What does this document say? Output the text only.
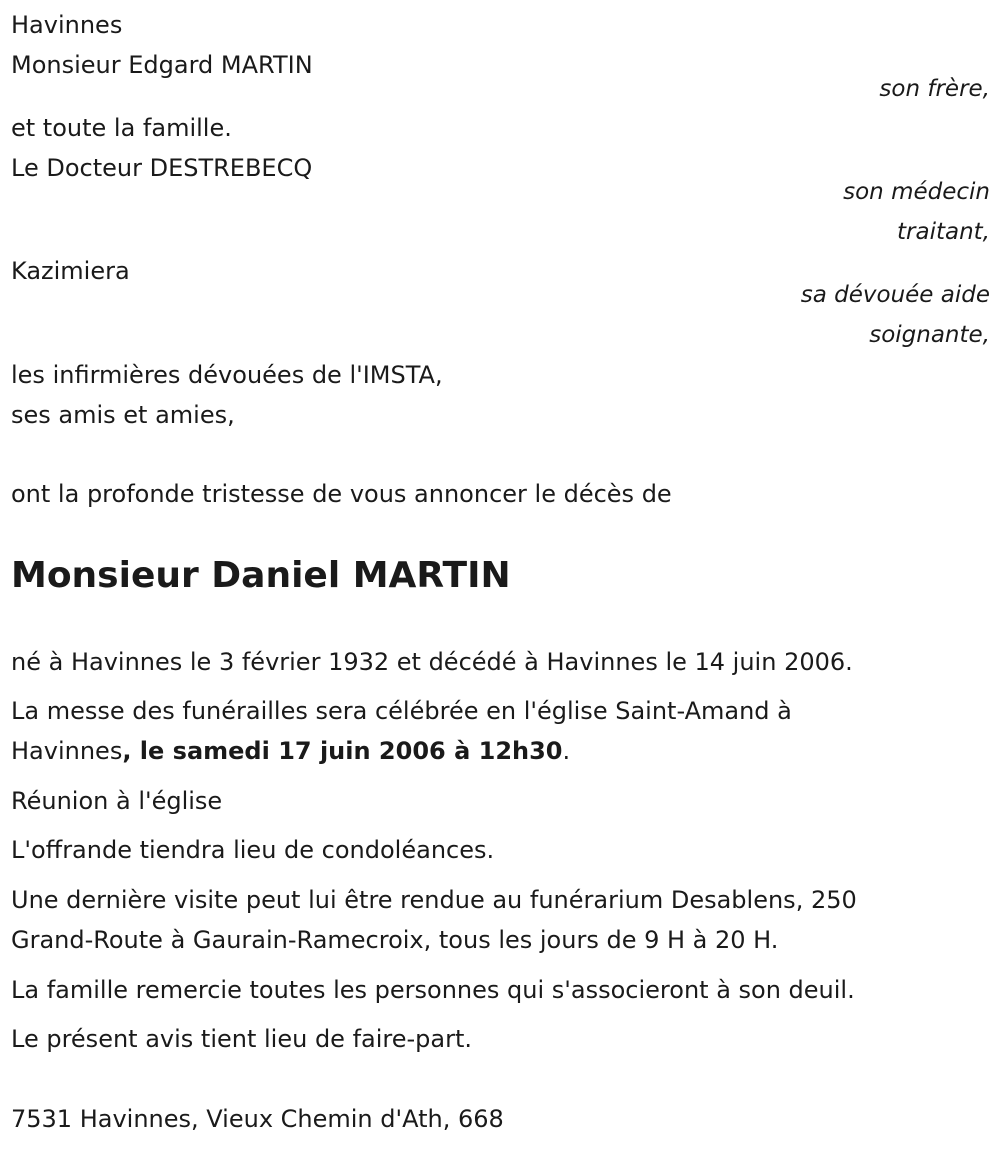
Havinnes
Monsieur Edgard MARTIN
son frère,
et toute la famille.
Le Docteur DESTREBECQ
son médecin
traitant,
Kazimiera
sa dévouée aide
soignante,
les infirmières dévouées de l'IMSTA,
ses amis et amies,
ont la profonde tristesse de vous annoncer le décès de
Monsieur Daniel MARTIN
né à Havinnes le 3 février 1932 et décédé à Havinnes le 14 juin 2006.
La messe des funérailles sera célébrée en l'église Saint-Amand à
Havinnes, le samedi 17 juin 2006 à 12h30.
Réunion à l'église
L'offrande tiendra lieu de condoléances.
Une dernière visite peut lui être rendue au funérarium Desablens, 250
Grand-Route à Gaurain-Ramecroix, tous les jours de 9 H à 20 H.
La famille remercie toutes les personnes qui s'associeront à son deuil.
Le présent avis tient lieu de faire-part.
7531 Havinnes, Vieux Chemin d'Ath, 668
